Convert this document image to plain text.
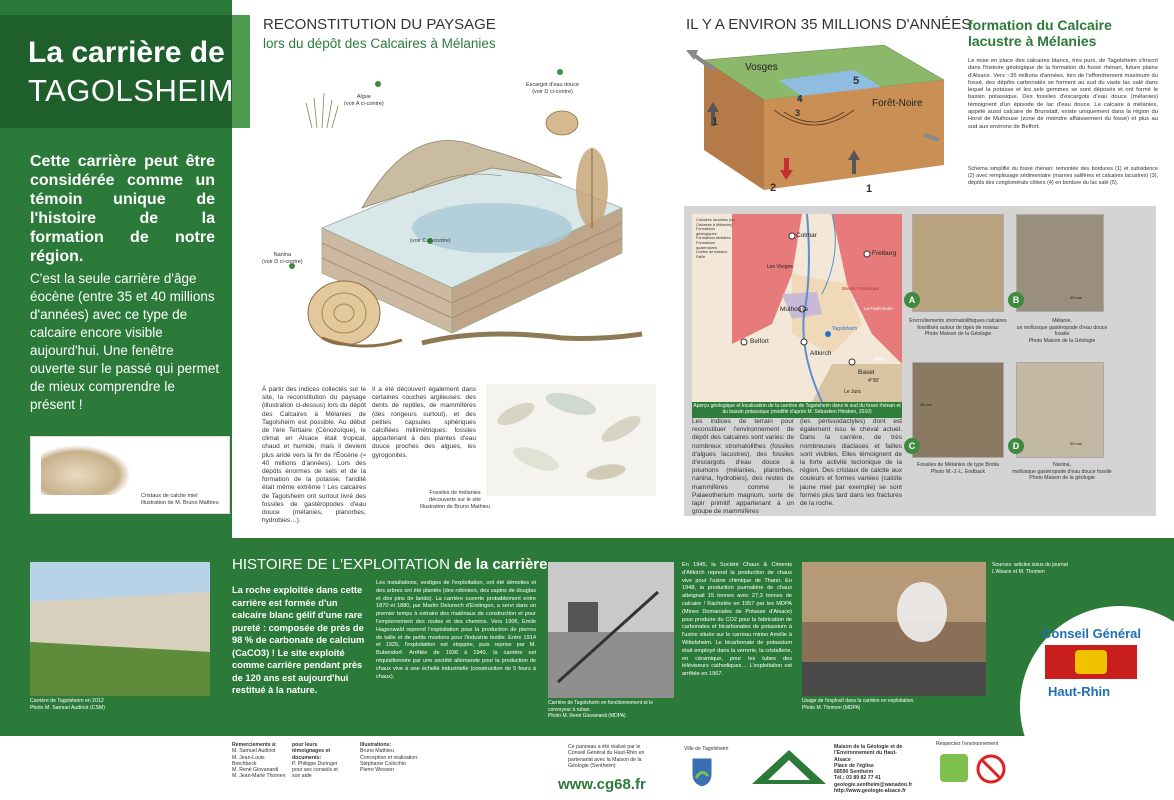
La carrière de
TAGOLSHEIM
Cette carrière peut être considérée comme un témoin unique de l'histoire de la formation de notre région.
C'est la seule carrière d'âge éocène (entre 35 et 40 millions d'années) avec ce type de calcaire encore visible aujourd'hui. Une fenêtre ouverte sur le passé qui permet de mieux comprendre le présent !
Cristaux de calcite miel
Illustration de M. Bruno Mathieu
RECONSTITUTION DU PAYSAGE
lors du dépôt des Calcaires à Mélanies
Algue
(voir A ci-contre)
Escargot d'eau douce
(voir D ci-contre)
(voir C ci-contre)
Nanina
(voir D ci-contre)
À partir des indices collectés sur le site, la reconstitution du paysage (illustration ci-dessus) lors du dépôt des Calcaires à Mélanies de Tagolsheim est possible. Au début de l'ère Tertiaire (Cénozoïque), le climat en Alsace était tropical, chaud et humide, mais il devient plus aride vers la fin de l'Éocène (≈ 40 millions d'années). Lors des dépôts énormes de sels et de la formation de la potasse, l'aridité était même extrême ! Les calcaires de Tagolsheim ont surtout livré des fossiles de gastéropodes d'eau douce (mélanies, planorbes, hydrobies…).
Il a été découvert également dans certaines couches argileuses: des dents de reptiles, de mammifères (des rongeurs surtout), et des petites capsules sphériques calcifiées millimétriques: fossiles appartenant à des plantes d'eau douce proches des algues, les gyrogonites.
Fossiles de mélanies
découverts sur le site
Illustration de Bruno Mathieu
IL Y A ENVIRON 35 MILLIONS D'ANNÉES
formation du Calcaire lacustre à Mélanies
Vosges
Forêt-Noire
1
2
3
4
5
1
Le mise en place des calcaires blancs, très purs, de Tagolsheim s'inscrit dans l'histoire géologique de la formation du fossé rhénan, future plaine d'Alsace. Vers ~35 millions d'années, lors de l'effondrement maximum du fossé, des dépôts carbonatés se forment au sud du vaste lac salé dans lequel la potasse et les sels gemmes se sont déposés et ont formé le bassin potassique. Des fossiles d'escargots d'eau douce (mélanies) témoignent d'un épisode de lac d'eau douce. Le calcaire à mélanies, appelé aussi calcaire de Brunstatt, existe uniquement dans la région du Horst de Mulhouse (zone de moindre affaissement du fossé) et plus au sud aux environs de Belfort.
Schéma simplifié du fossé rhénan: remontée des bordures (1) et subsidence (2) avec remplissage sédimentaire (marnes salifères et calcaires lacustres) (3), dépôts des conglomérats côtiers (4) en bordure du lac salé (5).
Calcaires lacustres (ou Calcaires à Mélanies)
Formations géologiques
Formations tertiaires
Formations quaternaires
Limites de bassins
Faille
Colmar
Freiburg
Mulhouse
Altkirch
Belfort
Basel
Tagolsheim
Les Vosges
Bassin Potassique
La Forêt Noire
Rhin
Le Jura
4°30'
Aperçu géologique et localisation de la carrière de Tagolsheim dans le sud du fossé rhénan et du bassin potassique (modifié d'après M. Sébastien Hinsken, 2010)
Les indices de terrain pour reconstituer l'environnement de dépôt des calcaires sont variés: de nombreux stromatolithes (fossiles d'algues lacustres), des fossiles d'escargots d'eau douce à poumons (mélanies, planorbes, nanina, hydrobies), des restes de mammifères comme le Palaeotherium magnum, sorte de tapir primitif appartenant à un groupe de mammifères
(les périssodactyles) dont est également issu le cheval actuel. Dans la carrière, de très nombreuses diaclases et failles sont visibles. Elles témoignent de la forte activité tectonique de la région. Des cristaux de calcite aux couleurs et formes variées (calcite jaune miel par exemple) se sont formés plus tard dans les fractures de la roche.
A
Encroûtements stromatolithiques calcaires fossilisés autour de tiges de roseau
Photo Maison de la Géologie
B	35 mm
Mélanie,
un mollusque gastéropode d'eau douce fossile
Photo Maison de la Géologie
C
45 mm
Fossiles de Mélanies de type Brotia
Photo M.-J.-L. Endback
D	35 mm
Nanina,
mollusque gastéropode d'eau douce fossile
Photo Maison de la géologie
HISTOIRE DE L'EXPLOITATION de la carrière
Carrière de Tagolsheim en 2012
Photo M. Samuel Audinot (CSM)
La roche exploitée dans cette carrière est formée d'un calcaire blanc gélif d'une rare pureté : composée de près de 98 % de carbonate de calcium (CaCO3) ! Le site exploité comme carrière pendant près de 120 ans est aujourd'hui restitué à la nature.
Les installations, vestiges de l'exploitation, ont été démolies et des arbres ont été plantés (des robiniers, des sapins de douglas et des pins de larido). La carrière ouverte probablement entre 1870 et 1880, par Martin Delunsch d'Erstingen, a servi dans un premier temps à extraire des matériaux de construction et pour l'empierrement des routes et des chemins. Vers 1906, Emile Hagenwald reprend l'exploitation pour la production de pierres de taille et de petits moelons pour l'industrie textile. Entre 1914 et 1925, l'exploitation est stoppée, puis reprise par M. Bubendorf. Arrêtée de 1936 à 1940, la carrière est réquisitionnée par une société allemande pour la production de chaux vive à une échelle industrielle (construction de 5 fours à chaux).
Carrière de Tagolsheim en fonctionnement et le convoyeur à ruban.
Photo M. René Giovanardi (MDPA)
En 1945, la Société Chaux & Ciments d'Altkirch reprend la production de chaux vive pour l'usine chimique de Thann. En 1948, la production journalière de chaux atteignait 15 tonnes avec 27,3 tonnes de calcaire ! Rachetée en 1957 par les MDPA (Mines Domaniales de Potasse d'Alsace) pour produire du CO2 pour la fabrication de carbonates et bicarbonates de potassium à l'usine située sur le carreau minier Amélie à Wittelsheim. Le bicarbonate de potassium était employé dans la verrerie, la cristallerie, en céramique, pour les tubes des téléviseurs cathodiques… L'exploitation est arrêtée en 1967.
Usage de l'explosif dans la carrière en exploitation.
Photo M. Thomen (MDPA)
Sources: articles issus du journal L'Alsace et M. Thomen
Conseil Général
Haut-Rhin
Remerciements à:
M. Samuel Audinot
M. Jean-Louis Brechbeck
M. René Giovanardi
M. Jean-Marie Thomen
pour leurs témoignages et documents:
P. Philippe Duringer pour ses conseils et son aide
Illustrations:
Bruno Mathieu
Conception et réalisation:
Stéphanie Colicchio
Pierre Wessen
Ce panneau a été réalisé par le Conseil Général du Haut-Rhin en partenariat avec la Maison de la Géologie (Sentheim)
www.cg68.fr
Ville de Tagolsheim	Maison de la Géologie et de l'Environnement du Haut-Alsace
Place de l'église
68590 Sentheim
Tél.: 03 89 82 77 41
geologie.sentheim@wanadoo.fr
http://www.geologie-alsace.fr
Respectez l'environnement
